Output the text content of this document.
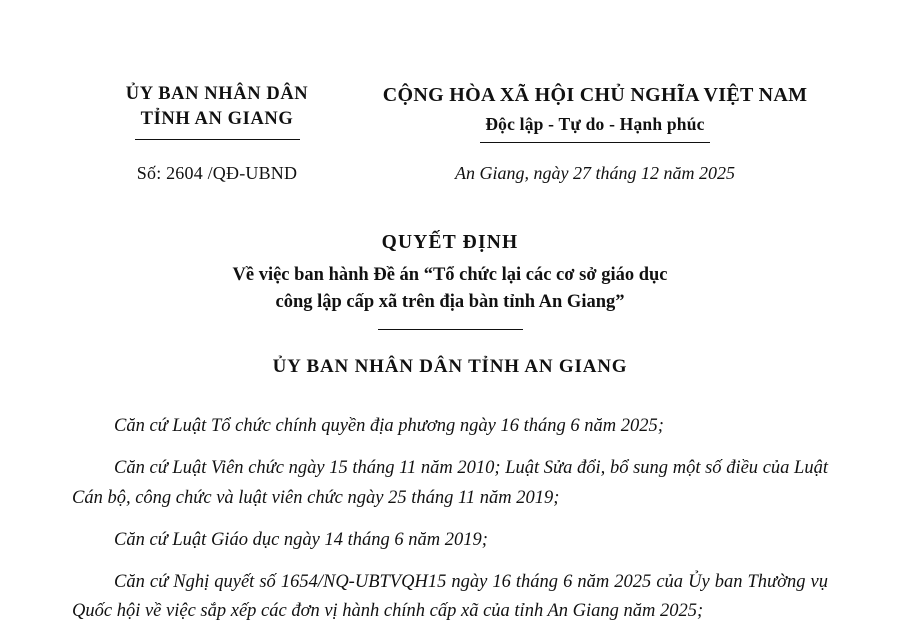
ỦY BAN NHÂN DÂN
TỈNH AN GIANG
CỘNG HÒA XÃ HỘI CHỦ NGHĨA VIỆT NAM
Độc lập - Tự do - Hạnh phúc
Số: 2604 /QĐ-UBND	An Giang, ngày 27 tháng 12 năm 2025
QUYẾT ĐỊNH
Về việc ban hành Đề án “Tổ chức lại các cơ sở giáo dục
công lập cấp xã trên địa bàn tỉnh An Giang”
ỦY BAN NHÂN DÂN TỈNH AN GIANG

Căn cứ Luật Tổ chức chính quyền địa phương ngày 16 tháng 6 năm 2025;

Căn cứ Luật Viên chức ngày 15 tháng 11 năm 2010; Luật Sửa đổi, bổ sung một số điều của Luật Cán bộ, công chức và luật viên chức ngày 25 tháng 11 năm 2019;

Căn cứ Luật Giáo dục ngày 14 tháng 6 năm 2019;

Căn cứ Nghị quyết số 1654/NQ-UBTVQH15 ngày 16 tháng 6 năm 2025 của Ủy ban Thường vụ Quốc hội về việc sắp xếp các đơn vị hành chính cấp xã của tỉnh An Giang năm 2025;
